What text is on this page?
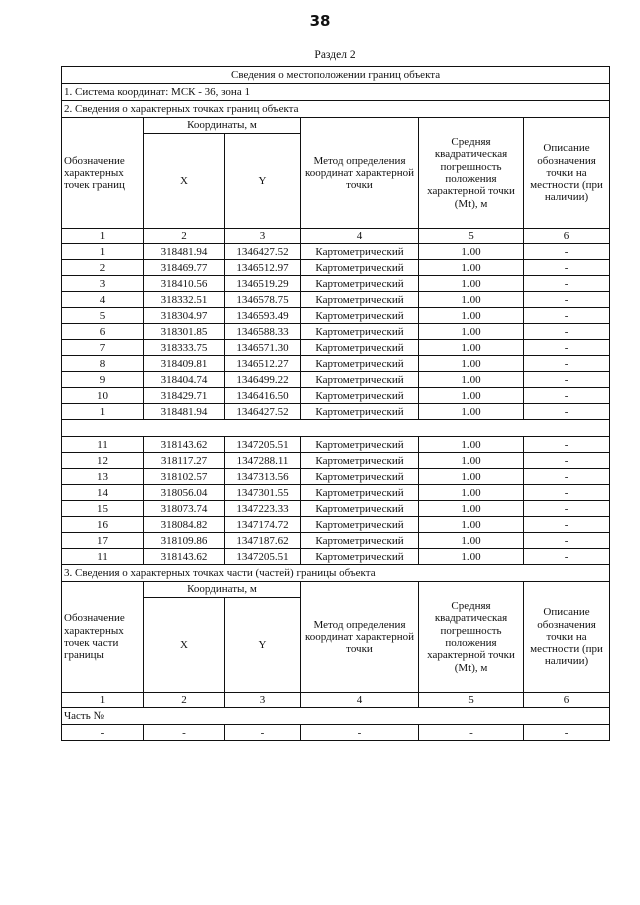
38
Раздел 2
Сведения о местоположении границ объекта					
1. Система координат: МСК - 36, зона 1					
2. Сведения о характерных точках границ объекта					
Обозначение характерных точек границ	Координаты, м		Метод определения координат характерной точки	Средняя квадратическая погрешность положения характерной точки (Mt), м	Описание обозначения точки на местности (при наличии)
	X	Y			
1	2	3	4	5	6
1	318481.94	1346427.52	Картометрический	1.00	-
2	318469.77	1346512.97	Картометрический	1.00	-
3	318410.56	1346519.29	Картометрический	1.00	-
4	318332.51	1346578.75	Картометрический	1.00	-
5	318304.97	1346593.49	Картометрический	1.00	-
6	318301.85	1346588.33	Картометрический	1.00	-
7	318333.75	1346571.30	Картометрический	1.00	-
8	318409.81	1346512.27	Картометрический	1.00	-
9	318404.74	1346499.22	Картометрический	1.00	-
10	318429.71	1346416.50	Картометрический	1.00	-
1	318481.94	1346427.52	Картометрический	1.00	-

11	318143.62	1347205.51	Картометрический	1.00	-
12	318117.27	1347288.11	Картометрический	1.00	-
13	318102.57	1347313.56	Картометрический	1.00	-
14	318056.04	1347301.55	Картометрический	1.00	-
15	318073.74	1347223.33	Картометрический	1.00	-
16	318084.82	1347174.72	Картометрический	1.00	-
17	318109.86	1347187.62	Картометрический	1.00	-
11	318143.62	1347205.51	Картометрический	1.00	-
3. Сведения о характерных точках части (частей) границы объекта					
Обозначение характерных точек части границы	Координаты, м		Метод определения координат характерной точки	Средняя квадратическая погрешность положения характерной точки (Mt), м	Описание обозначения точки на местности (при наличии)
	X	Y			
1	2	3	4	5	6
Часть №					
-	-	-	-	-	-
